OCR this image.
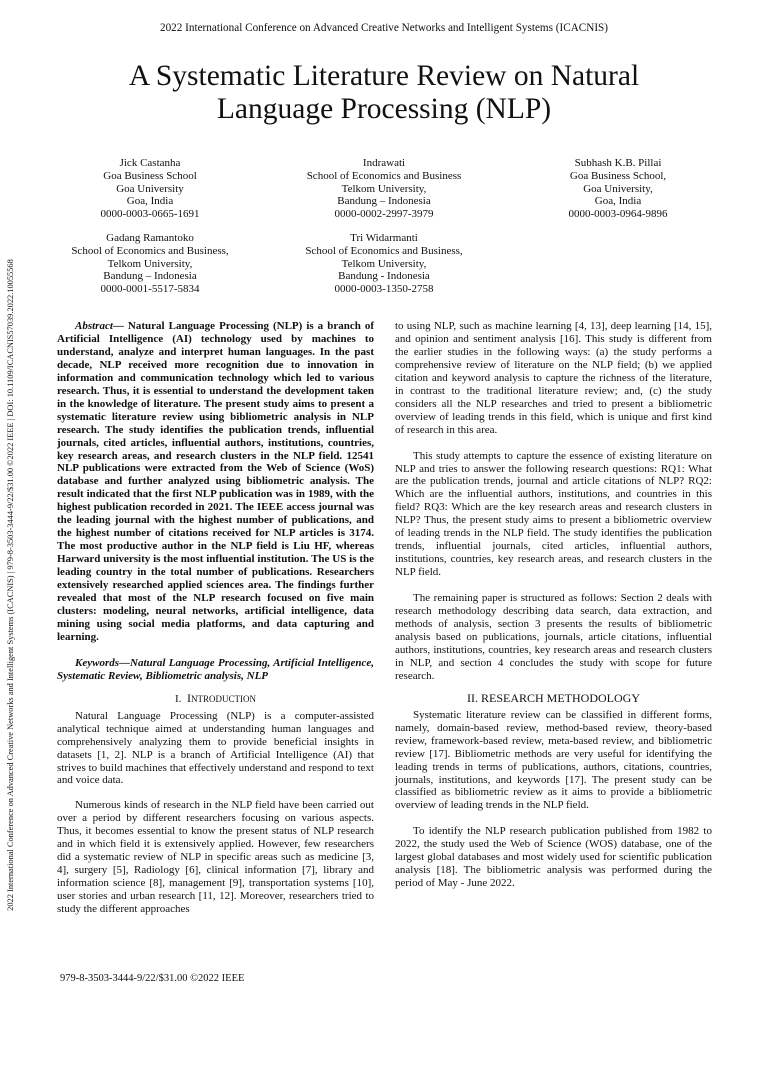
2022 International Conference on Advanced Creative Networks and Intelligent Systems (ICACNIS)
A Systematic Literature Review on Natural
Language Processing (NLP)
2022 International Conference on Advanced Creative Networks and Intelligent Systems (ICACNIS) | 979-8-3503-3444-9/22/$31.00 ©2022 IEEE | DOI: 10.1109/ICACNIS57039.2022.10055568
Jick Castanha
Goa Business School
Goa University
Goa, India
0000-0003-0665-1691
Indrawati
School of Economics and Business
Telkom University,
Bandung – Indonesia
0000-0002-2997-3979
Subhash K.B. Pillai
Goa Business School,
Goa University,
Goa, India
0000-0003-0964-9896
Gadang Ramantoko
School of Economics and Business,
Telkom University,
Bandung – Indonesia
0000-0001-5517-5834
Tri Widarmanti
School of Economics and Business,
Telkom University,
Bandung - Indonesia
0000-0003-1350-2758

Abstract— Natural Language Processing (NLP) is a branch of Artificial Intelligence (AI) technology used by machines to understand, analyze and interpret human languages. In the past decade, NLP received more recognition due to innovation in information and communication technology which led to various research. Thus, it is essential to understand the development taken in the knowledge of literature. The present study aims to present a systematic literature review using bibliometric analysis in NLP research. The study identifies the publication trends, influential journals, cited articles, influential authors, institutions, countries, key research areas, and research clusters in the NLP field. 12541 NLP publications were extracted from the Web of Science (WoS) database and further analyzed using bibliometric analysis. The result indicated that the first NLP publication was in 1989, with the highest publication recorded in 2021. The IEEE access journal was the leading journal with the highest number of publications, and the highest number of citations received for NLP articles is 3174. The most productive author in the NLP field is Liu HF, whereas Harward university is the most influential institution. The US is the leading country in the total number of publications. Researchers extensively researched applied sciences area. The findings further revealed that most of the NLP research focused on five main clusters: modeling, neural networks, artificial intelligence, data mining using social media platforms, and data capturing and learning.

Keywords—Natural Language Processing, Artificial Intelligence, Systematic Review, Bibliometric analysis, NLP

I. INTRODUCTION

Natural Language Processing (NLP) is a computer-assisted analytical technique aimed at understanding human languages and comprehensively analyzing them to provide beneficial insights in datasets [1, 2]. NLP is a branch of Artificial Intelligence (AI) that strives to build machines that effectively understand and respond to text and voice data.

Numerous kinds of research in the NLP field have been carried out over a period by different researchers focusing on various aspects. Thus, it becomes essential to know the present status of NLP research and in which field it is extensively applied. However, few researchers did a systematic review of NLP in specific areas such as medicine [3, 4], surgery [5], Radiology [6], clinical information [7], library and information science [8], management [9], transportation systems [10], user stories and urban research [11, 12]. Moreover, researchers tried to study the different approaches

to using NLP, such as machine learning [4, 13], deep learning [14, 15], and opinion and sentiment analysis [16]. This study is different from the earlier studies in the following ways: (a) the study performs a comprehensive review of literature on the NLP field; (b) we applied citation and keyword analysis to capture the richness of the literature, in contrast to the traditional literature review; and, (c) the study considers all the NLP researches and tried to present a bibliometric overview of leading trends in this field, which is unique and first kind of research in this area.

This study attempts to capture the essence of existing literature on NLP and tries to answer the following research questions: RQ1: What are the publication trends, journal and article citations of NLP? RQ2: Which are the influential authors, institutions, and countries in this field? RQ3: Which are the key research areas and research clusters in NLP? Thus, the present study aims to present a bibliometric overview of leading trends in the NLP field. The study identifies the publication trends, influential journals, cited articles, influential authors, institutions, countries, key research areas, and research clusters in the NLP field.

The remaining paper is structured as follows: Section 2 deals with research methodology describing data search, data extraction, and methods of analysis, section 3 presents the results of bibliometric analysis based on publications, journals, article citations, influential authors, institutions, countries, key research areas and research clusters in NLP, and section 4 concludes the study with scope for future research.

II. RESEARCH METHODOLOGY

Systematic literature review can be classified in different forms, namely, domain-based review, method-based review, theory-based review, framework-based review, meta-based review, and bibliometric review [17]. Bibliometric methods are very useful for identifying the leading trends in terms of publications, authors, citations, countries, journals, institutions, and keywords [17]. The present study can be classified as bibliometric review as it aims to provide a bibliometric overview of leading trends in the NLP field.

To identify the NLP research publication published from 1982 to 2022, the study used the Web of Science (WOS) database, one of the largest global databases and most widely used for scientific publication analysis [18]. The bibliometric analysis was performed during the period of May - June 2022.

979-8-3503-3444-9/22/$31.00 ©2022 IEEE
